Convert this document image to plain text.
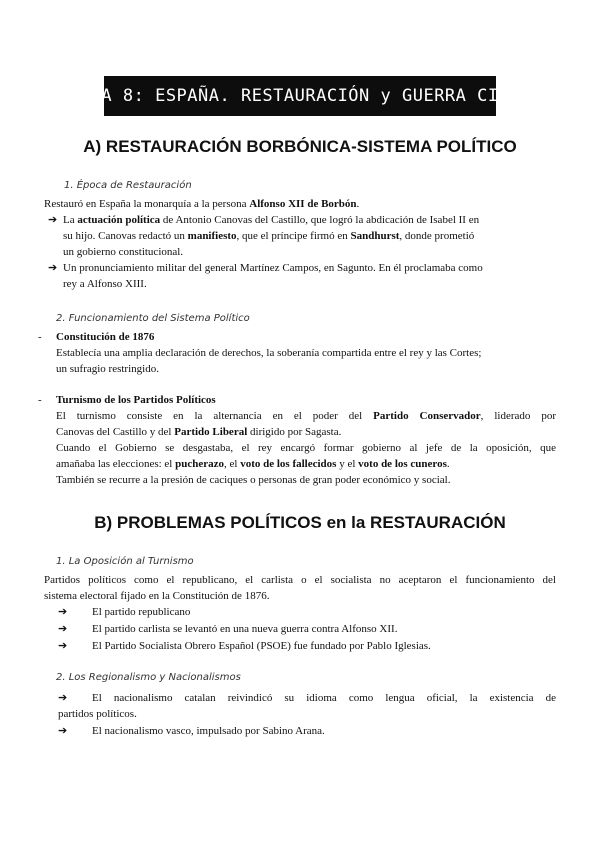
TEMA 8: ESPAÑA. RESTAURACIÓN y GUERRA CIVIL
A) RESTAURACIÓN BORBÓNICA-SISTEMA POLÍTICO
1. Época de Restauración
Restauró en España la monarquía a la persona Alfonso XII de Borbón.
➔ La actuación política de Antonio Canovas del Castillo, que logró la abdicación de Isabel II en
su hijo. Canovas redactó un manifiesto, que el príncipe firmó en Sandhurst, donde prometió
un gobierno constitucional.
➔ Un pronunciamiento militar del general Martínez Campos, en Sagunto. En él proclamaba como
rey a Alfonso XIII.
2. Funcionamiento del Sistema Político
- Constitución de 1876
Establecía una amplia declaración de derechos, la soberanía compartida entre el rey y las Cortes;
un sufragio restringido.
- Turnismo de los Partidos Políticos
El turnismo consiste en la alternancia en el poder del Partido Conservador, liderado por
Canovas del Castillo y del Partido Liberal dirigido por Sagasta.
Cuando el Gobierno se desgastaba, el rey encargó formar gobierno al jefe de la oposición, que
amañaba las elecciones: el pucherazo, el voto de los fallecidos y el voto de los cuneros.
También se recurre a la presión de caciques o personas de gran poder económico y social.
B) PROBLEMAS POLÍTICOS en la RESTAURACIÓN
1. La Oposición al Turnismo
Partidos políticos como el republicano, el carlista o el socialista no aceptaron el funcionamiento del
sistema electoral fijado en la Constitución de 1876.
➔ El partido republicano
➔ El partido carlista se levantó en una nueva guerra contra Alfonso XII.
➔ El Partido Socialista Obrero Español (PSOE) fue fundado por Pablo Iglesias.
2. Los Regionalismo y Nacionalismos
➔ El nacionalismo catalan reivindicó su idioma como lengua oficial, la existencia de
partidos políticos.
➔ El nacionalismo vasco, impulsado por Sabino Arana.
